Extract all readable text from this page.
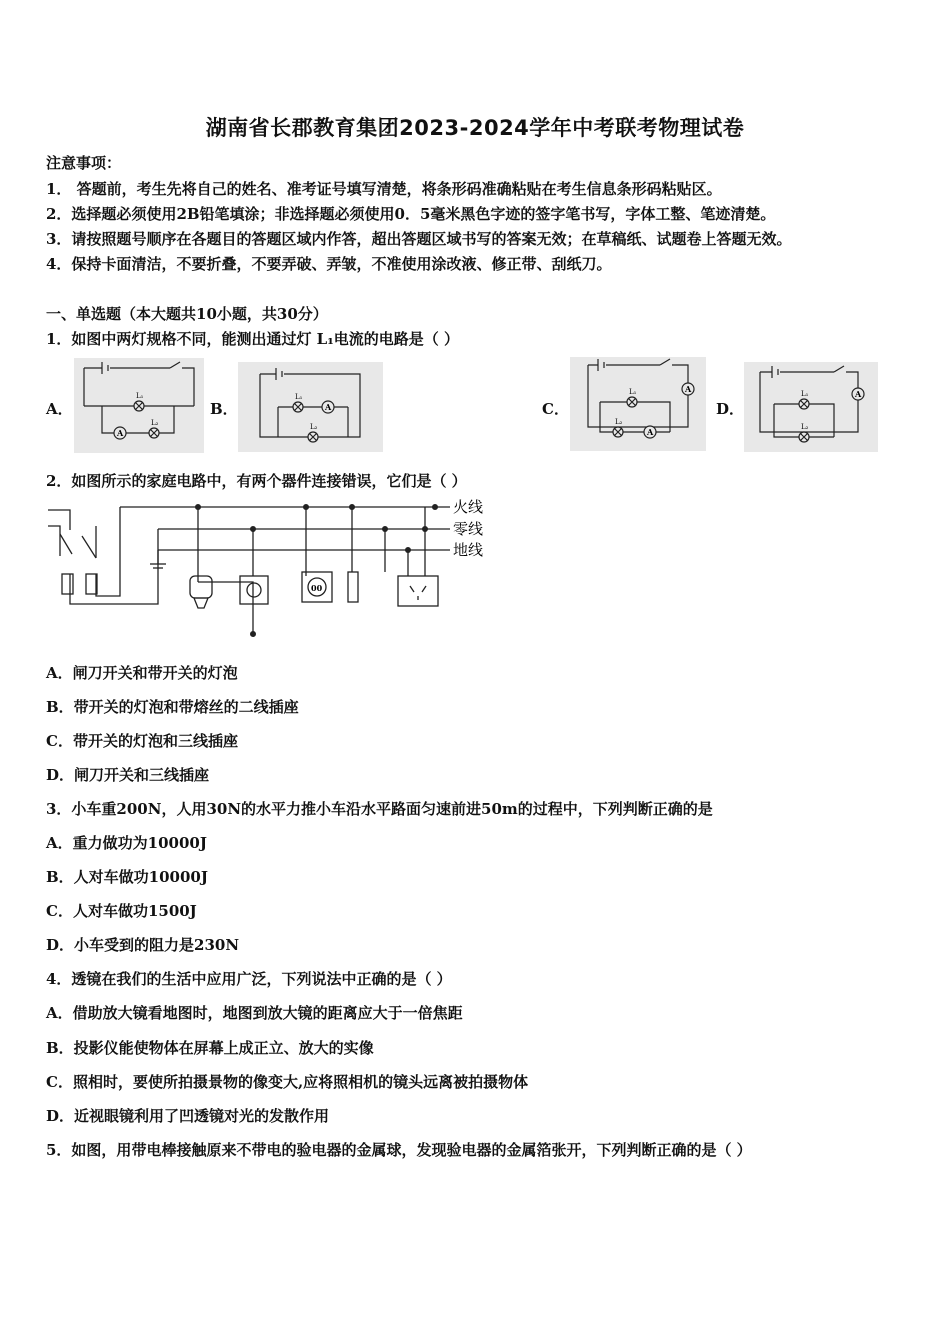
湖南省长郡教育集团2023-2024学年中考联考物理试卷
注意事项：
1． 答题前，考生先将自己的姓名、准考证号填写清楚，将条形码准确粘贴在考生信息条形码粘贴区。
2．选择题必须使用2B铅笔填涂；非选择题必须使用0．5毫米黑色字迹的签字笔书写，字体工整、笔迹清楚。
3．请按照题号顺序在各题目的答题区域内作答，超出答题区域书写的答案无效；在草稿纸、试题卷上答题无效。
4．保持卡面清洁，不要折叠，不要弄破、弄皱，不准使用涂改液、修正带、刮纸刀。
一、单选题（本大题共10小题，共30分）
1．如图中两灯规格不同，能测出通过灯 L₁电流的电路是（ ）
A．	B．	C．	D．
L₁
L₂
A
L₁
L₂
A
L₁
L₂
A
A
L₁
L₂
A
2．如图所示的家庭电路中，有两个器件连接错误，它们是（ ）
火线
零线
地线
00
A．闸刀开关和带开关的灯泡
B．带开关的灯泡和带熔丝的二线插座
C．带开关的灯泡和三线插座
D．闸刀开关和三线插座
3．小车重200N，人用30N的水平力推小车沿水平路面匀速前进50m的过程中，下列判断正确的是
A．重力做功为10000J
B．人对车做功10000J
C．人对车做功1500J
D．小车受到的阻力是230N
4．透镜在我们的生活中应用广泛，下列说法中正确的是（ ）
A．借助放大镜看地图时，地图到放大镜的距离应大于一倍焦距
B．投影仪能使物体在屏幕上成正立、放大的实像
C．照相时，要使所拍摄景物的像变大,应将照相机的镜头远离被拍摄物体
D．近视眼镜利用了凹透镜对光的发散作用
5．如图，用带电棒接触原来不带电的验电器的金属球，发现验电器的金属箔张开，下列判断正确的是（ ）
